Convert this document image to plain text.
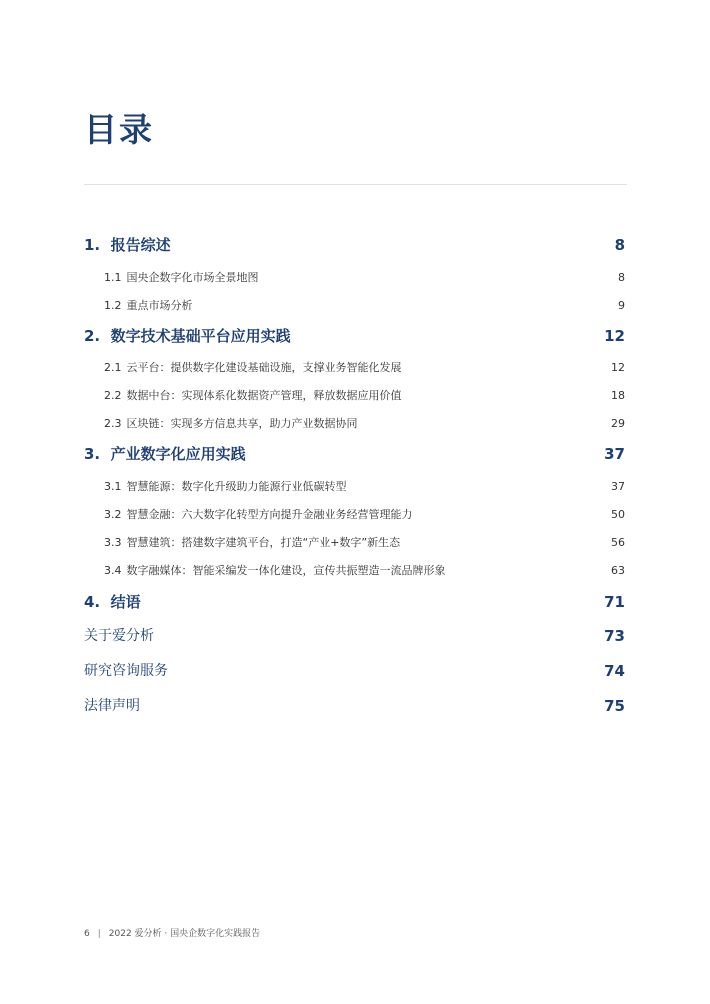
目录
1. 报告综述	8
1.1 国央企数字化市场全景地图	8
1.2 重点市场分析	9
2. 数字技术基础平台应用实践	12
2.1 云平台：提供数字化建设基础设施，支撑业务智能化发展	12
2.2 数据中台：实现体系化数据资产管理，释放数据应用价值	18
2.3 区块链：实现多方信息共享，助力产业数据协同	29
3. 产业数字化应用实践	37
3.1 智慧能源：数字化升级助力能源行业低碳转型	37
3.2 智慧金融：六大数字化转型方向提升金融业务经营管理能力	50
3.3 智慧建筑：搭建数字建筑平台，打造“产业+数字”新生态	56
3.4 数字融媒体：智能采编发一体化建设，宣传共振塑造一流品牌形象	63
4. 结语	71
关于爱分析	73
研究咨询服务	74
法律声明	75
6 | 2022 爱分析 · 国央企数字化实践报告
